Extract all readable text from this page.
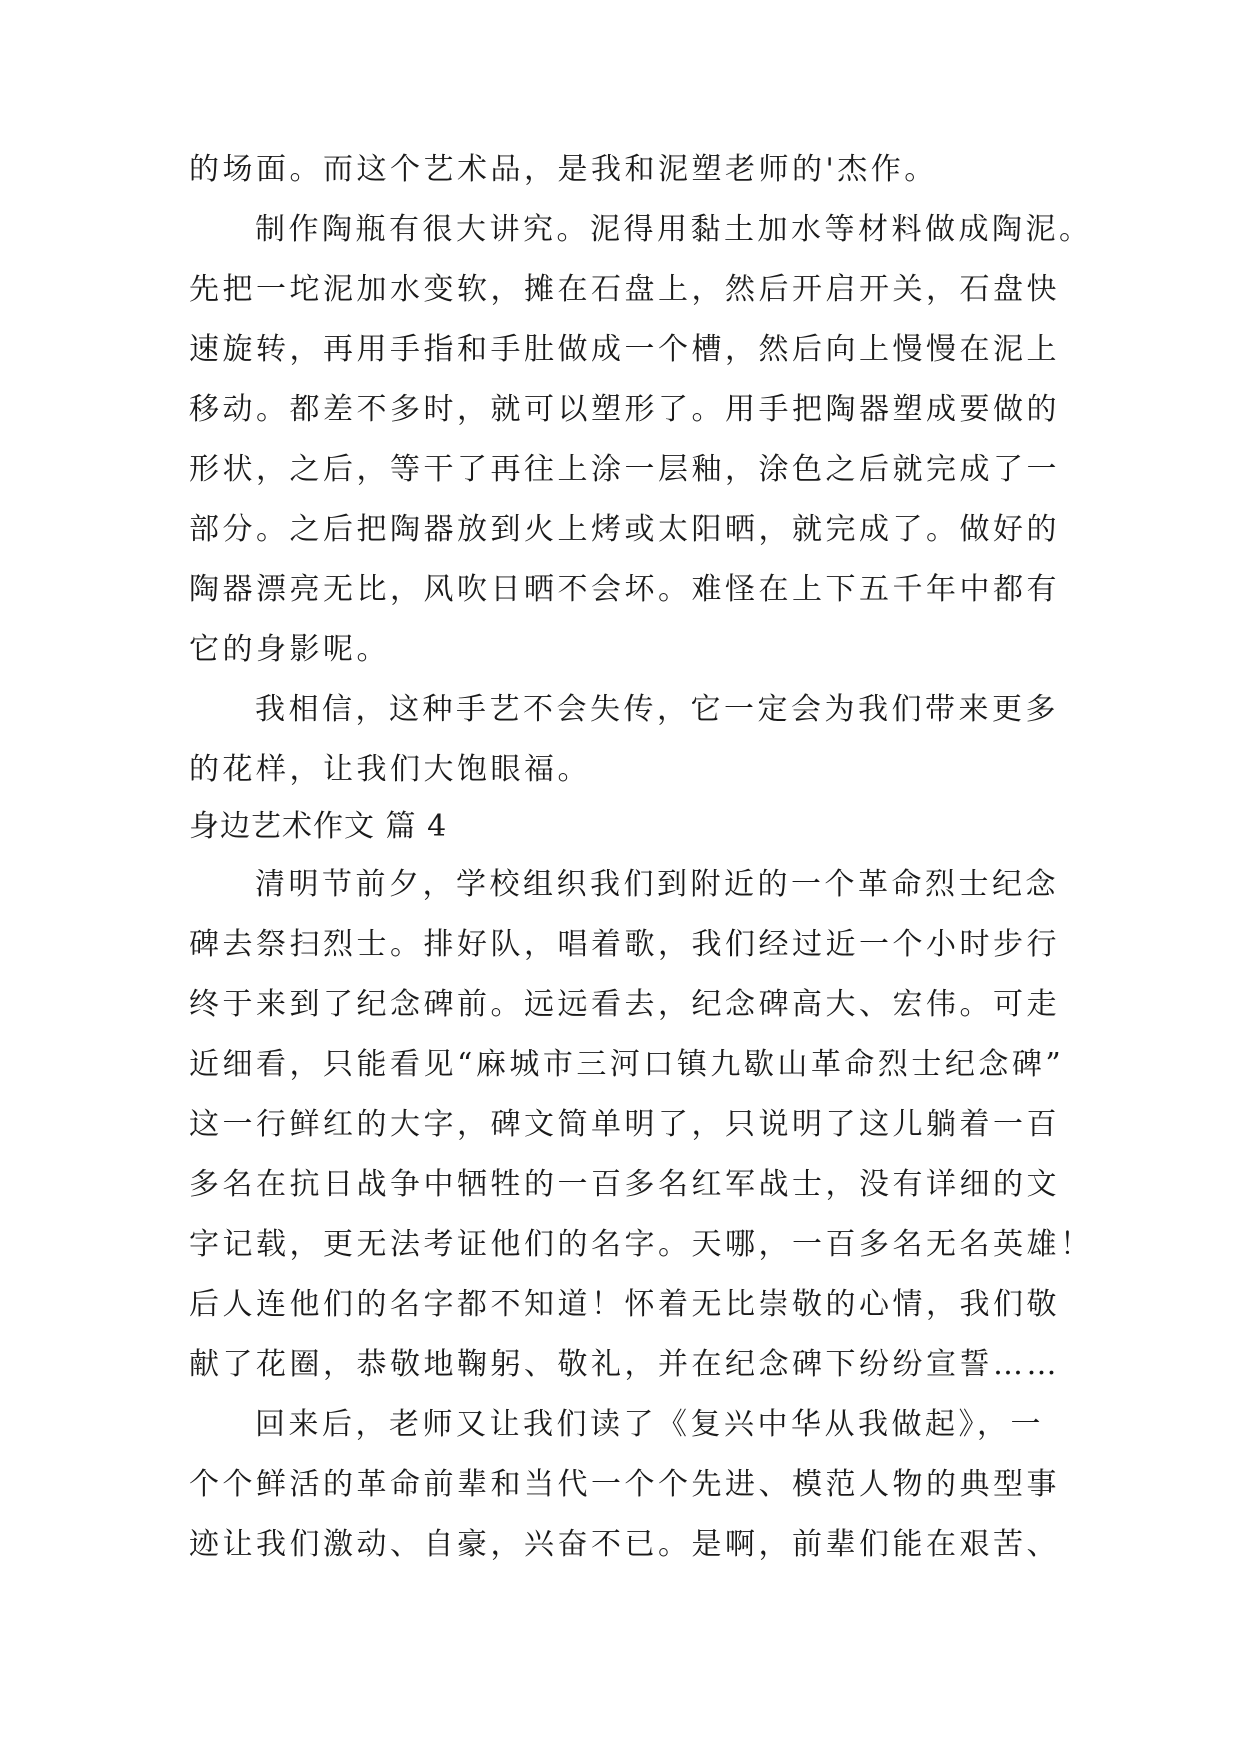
的场面。而这个艺术品，是我和泥塑老师的'杰作。
制作陶瓶有很大讲究。泥得用黏土加水等材料做成陶泥。
先把一坨泥加水变软，摊在石盘上，然后开启开关，石盘快
速旋转，再用手指和手肚做成一个槽，然后向上慢慢在泥上
移动。都差不多时，就可以塑形了。用手把陶器塑成要做的
形状，之后，等干了再往上涂一层釉，涂色之后就完成了一
部分。之后把陶器放到火上烤或太阳晒，就完成了。做好的
陶器漂亮无比，风吹日晒不会坏。难怪在上下五千年中都有
它的身影呢。
我相信，这种手艺不会失传，它一定会为我们带来更多
的花样，让我们大饱眼福。
身边艺术作文 篇 4
清明节前夕，学校组织我们到附近的一个革命烈士纪念
碑去祭扫烈士。排好队，唱着歌，我们经过近一个小时步行
终于来到了纪念碑前。远远看去，纪念碑高大、宏伟。可走
近细看，只能看见“麻城市三河口镇九歇山革命烈士纪念碑”
这一行鲜红的大字，碑文简单明了，只说明了这儿躺着一百
多名在抗日战争中牺牲的一百多名红军战士，没有详细的文
字记载，更无法考证他们的名字。天哪，一百多名无名英雄！
后人连他们的名字都不知道！怀着无比崇敬的心情，我们敬
献了花圈，恭敬地鞠躬、敬礼，并在纪念碑下纷纷宣誓……
回来后，老师又让我们读了《复兴中华从我做起》，一
个个鲜活的革命前辈和当代一个个先进、模范人物的典型事
迹让我们激动、自豪，兴奋不已。是啊，前辈们能在艰苦、
